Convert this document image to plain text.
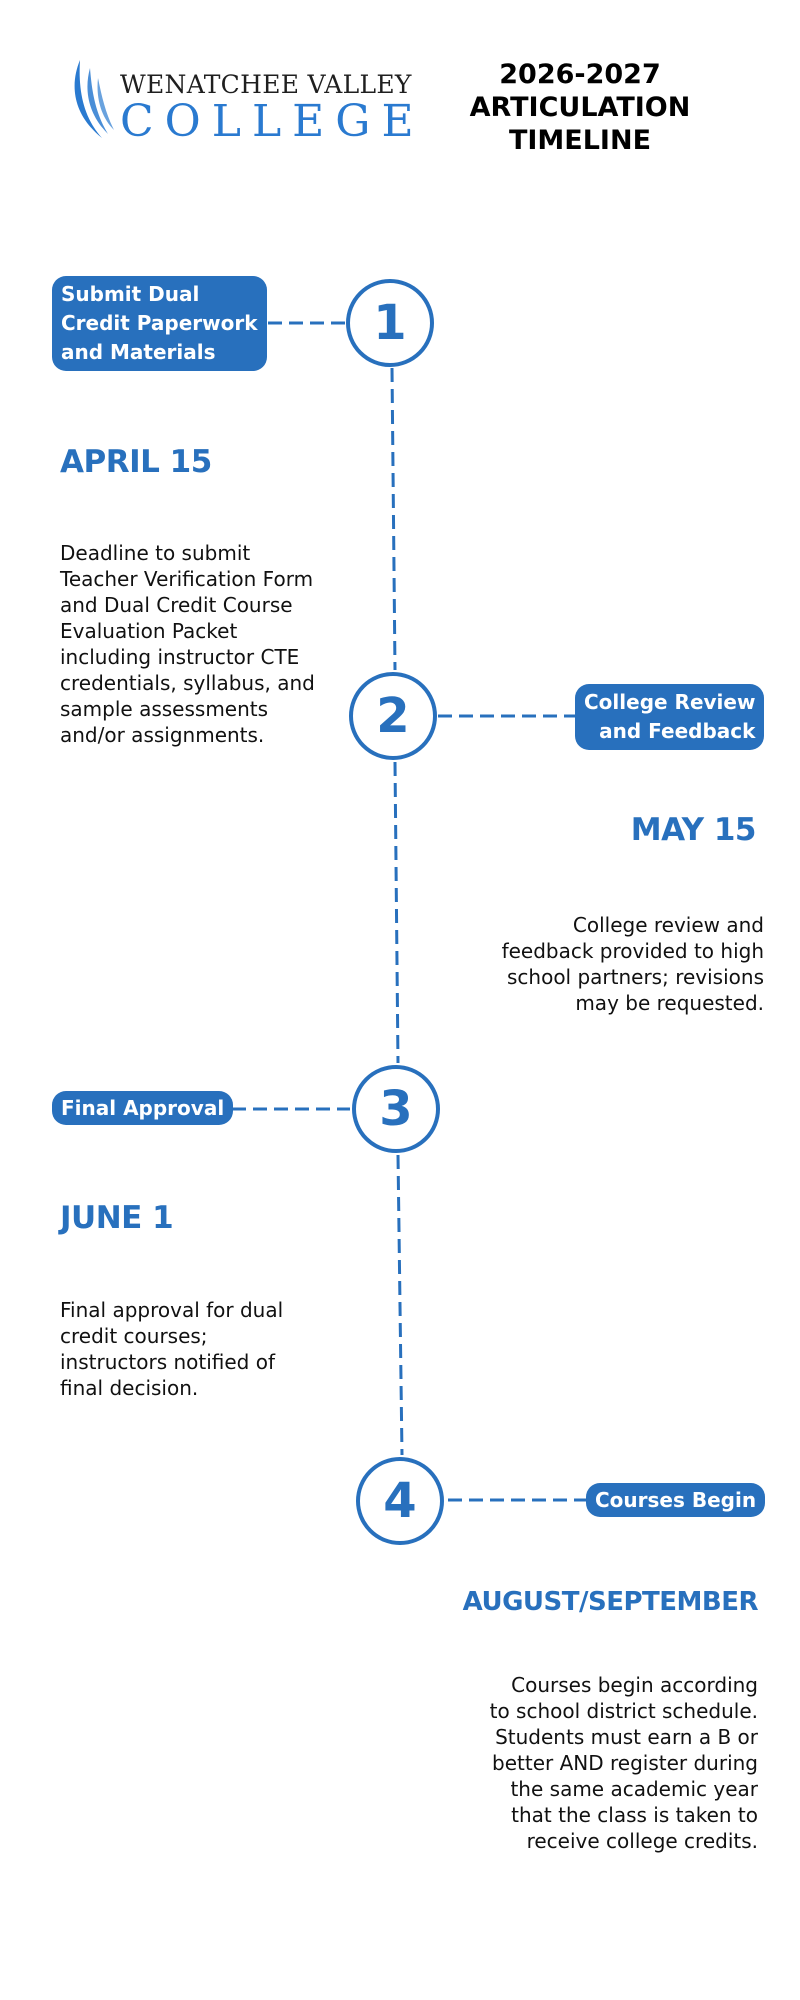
WENATCHEE VALLEY
COLLEGE
2026-2027
ARTICULATION
TIMELINE
Submit Dual
Credit Paperwork
and Materials
1
APRIL 15
Deadline to submit Teacher Verification Form and Dual Credit Course Evaluation Packet including instructor CTE credentials, syllabus, and sample assessments and/or assignments.
College Review
and Feedback
2
MAY 15
College review and feedback provided to high school partners; revisions may be requested.
Final Approval	3
JUNE 1
Final approval for dual credit courses; instructors notified of final decision.
Courses Begin
4
AUGUST/SEPTEMBER
Courses begin according to school district schedule. Students must earn a B or better AND register during the same academic year that the class is taken to receive college credits.
